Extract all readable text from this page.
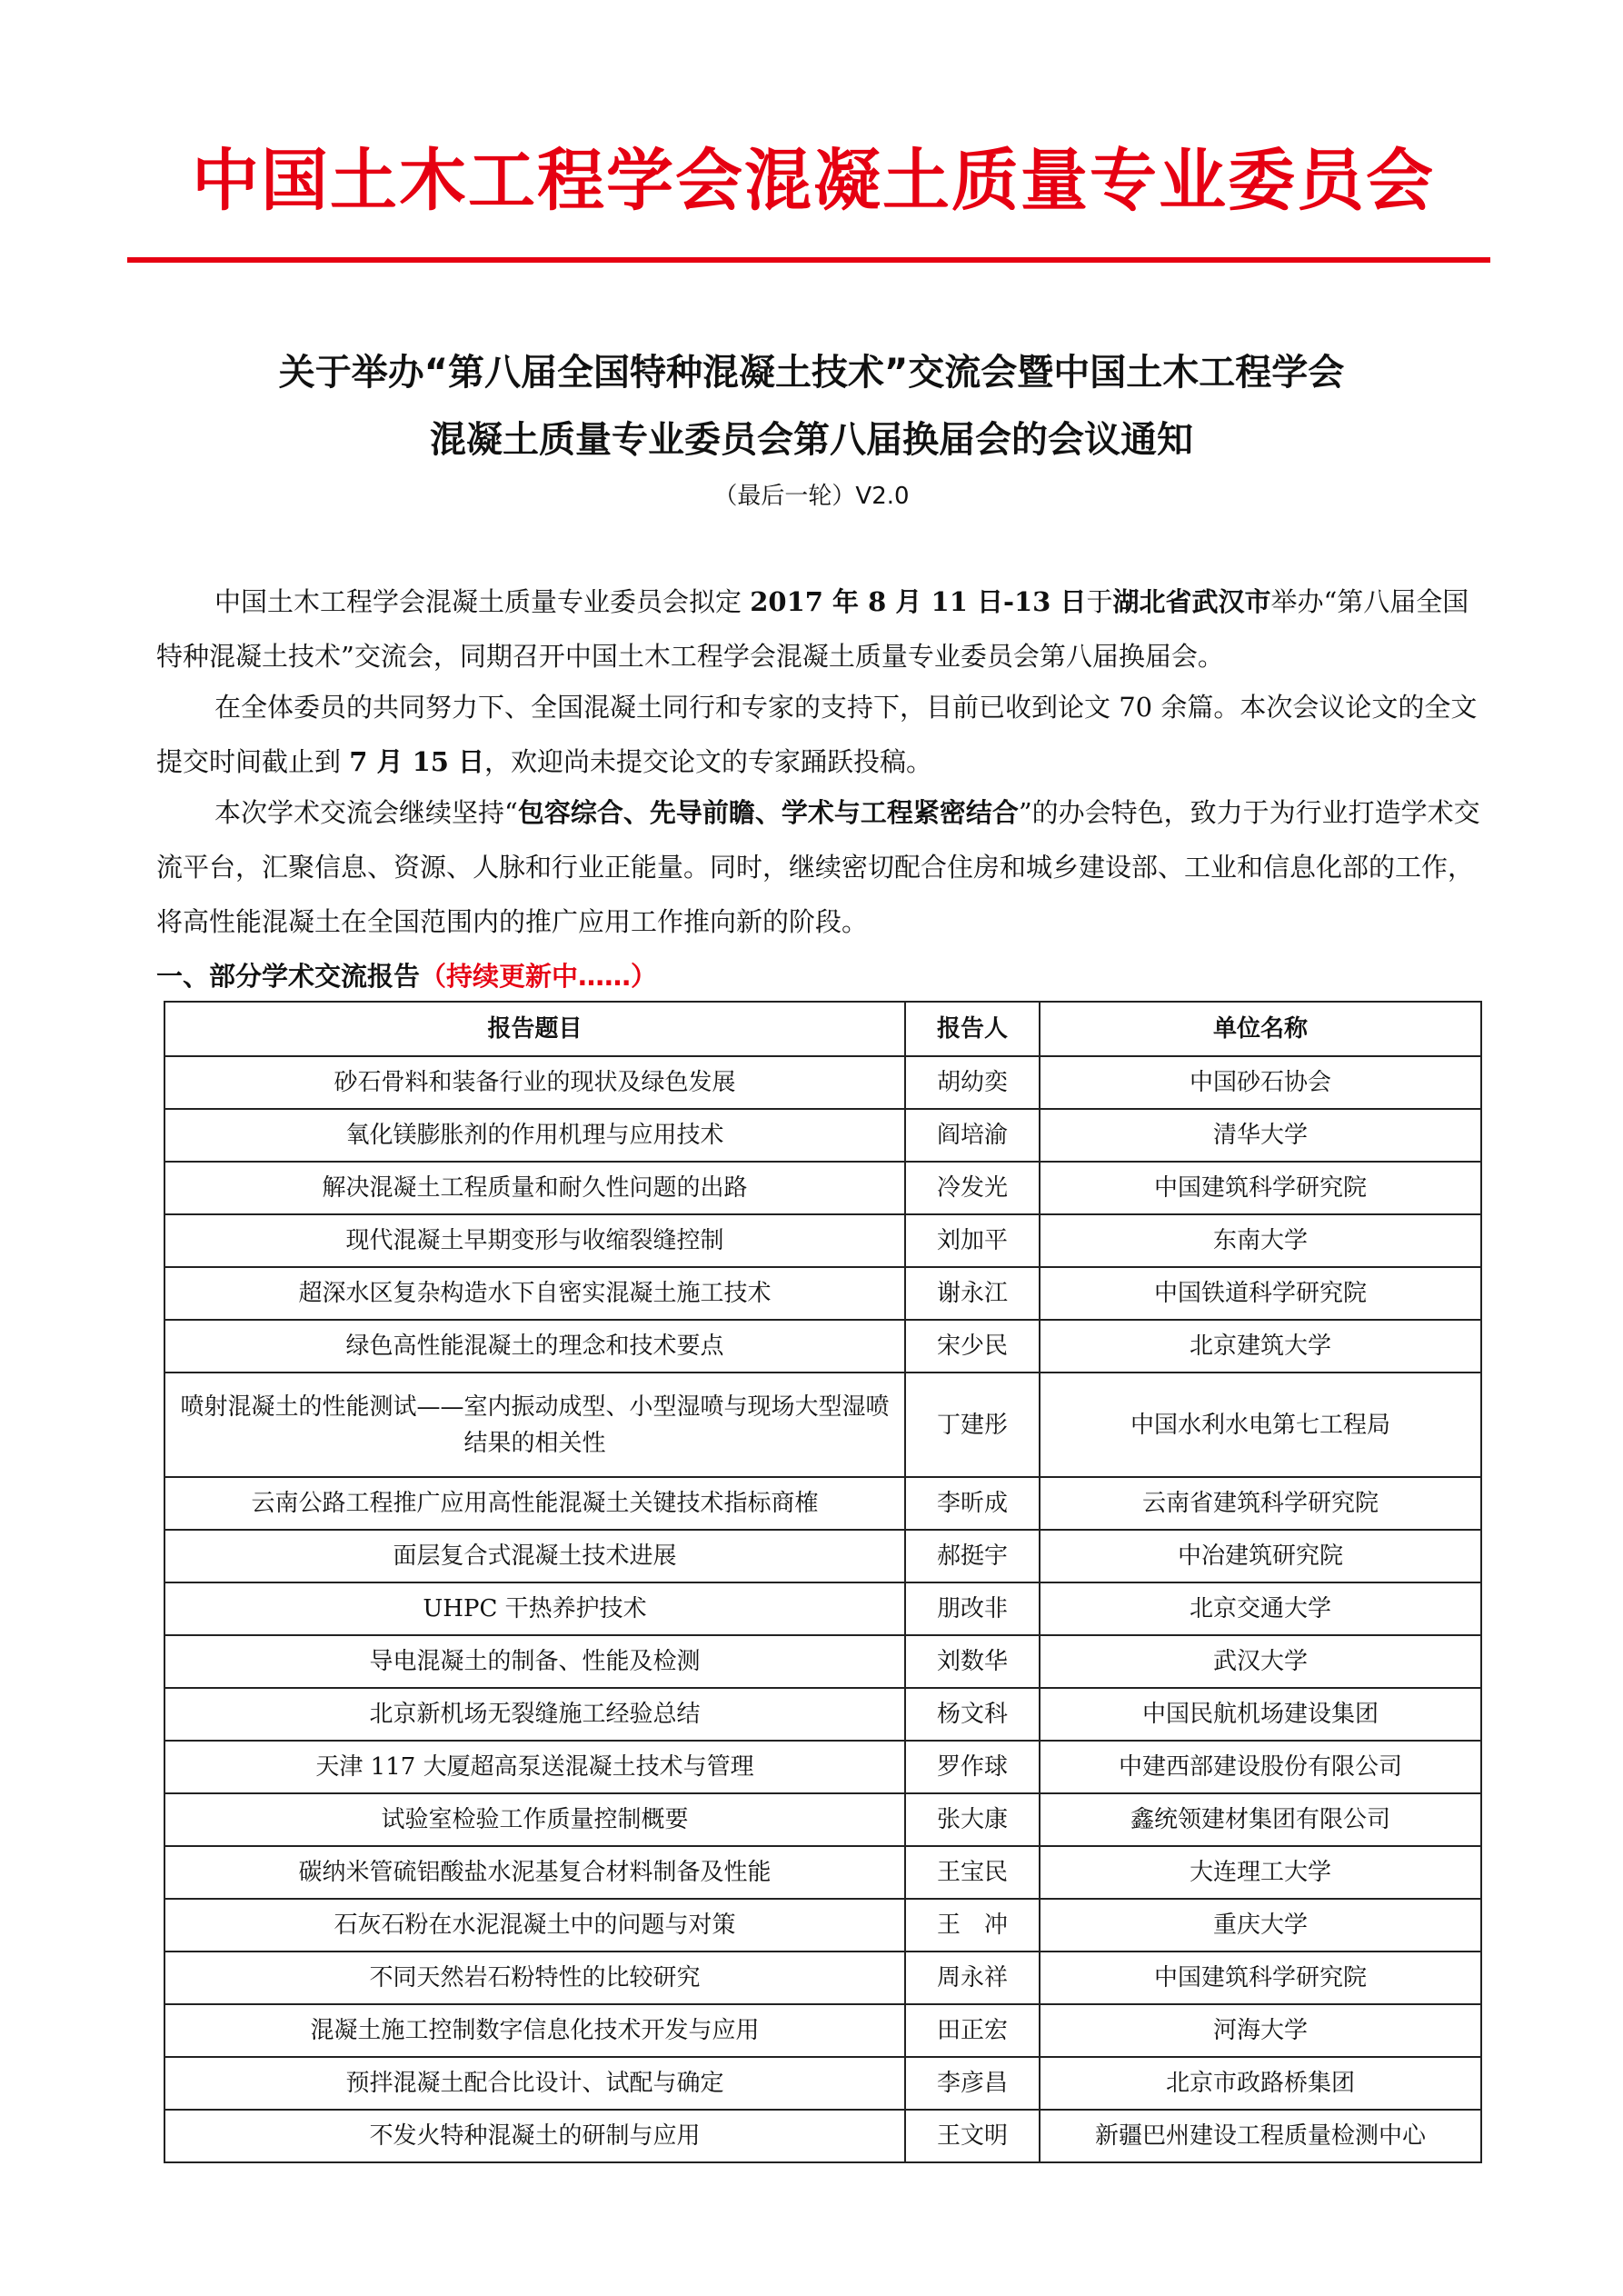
中国土木工程学会混凝土质量专业委员会
关于举办“第八届全国特种混凝土技术”交流会暨中国土木工程学会
混凝土质量专业委员会第八届换届会的会议通知
（最后一轮）V2.0
中国土木工程学会混凝土质量专业委员会拟定 2017 年 8 月 11 日-13 日于湖北省武汉市举办“第八届全国特种混凝土技术”交流会，同期召开中国土木工程学会混凝土质量专业委员会第八届换届会。
在全体委员的共同努力下、全国混凝土同行和专家的支持下，目前已收到论文 70 余篇。本次会议论文的全文提交时间截止到 7 月 15 日，欢迎尚未提交论文的专家踊跃投稿。
本次学术交流会继续坚持“包容综合、先导前瞻、学术与工程紧密结合”的办会特色，致力于为行业打造学术交流平台，汇聚信息、资源、人脉和行业正能量。同时，继续密切配合住房和城乡建设部、工业和信息化部的工作，将高性能混凝土在全国范围内的推广应用工作推向新的阶段。
一、部分学术交流报告（持续更新中……）
报告题目	报告人	单位名称
砂石骨料和装备行业的现状及绿色发展	胡幼奕	中国砂石协会
氧化镁膨胀剂的作用机理与应用技术	阎培渝	清华大学
解决混凝土工程质量和耐久性问题的出路	冷发光	中国建筑科学研究院
现代混凝土早期变形与收缩裂缝控制	刘加平	东南大学
超深水区复杂构造水下自密实混凝土施工技术	谢永江	中国铁道科学研究院
绿色高性能混凝土的理念和技术要点	宋少民	北京建筑大学
喷射混凝土的性能测试——室内振动成型、小型湿喷与现场大型湿喷结果的相关性	丁建彤	中国水利水电第七工程局
云南公路工程推广应用高性能混凝土关键技术指标商榷	李昕成	云南省建筑科学研究院
面层复合式混凝土技术进展	郝挺宇	中冶建筑研究院
UHPC 干热养护技术	朋改非	北京交通大学
导电混凝土的制备、性能及检测	刘数华	武汉大学
北京新机场无裂缝施工经验总结	杨文科	中国民航机场建设集团
天津 117 大厦超高泵送混凝土技术与管理	罗作球	中建西部建设股份有限公司
试验室检验工作质量控制概要	张大康	鑫统领建材集团有限公司
碳纳米管硫铝酸盐水泥基复合材料制备及性能	王宝民	大连理工大学
石灰石粉在水泥混凝土中的问题与对策	王　冲	重庆大学
不同天然岩石粉特性的比较研究	周永祥	中国建筑科学研究院
混凝土施工控制数字信息化技术开发与应用	田正宏	河海大学
预拌混凝土配合比设计、试配与确定	李彦昌	北京市政路桥集团
不发火特种混凝土的研制与应用	王文明	新疆巴州建设工程质量检测中心
